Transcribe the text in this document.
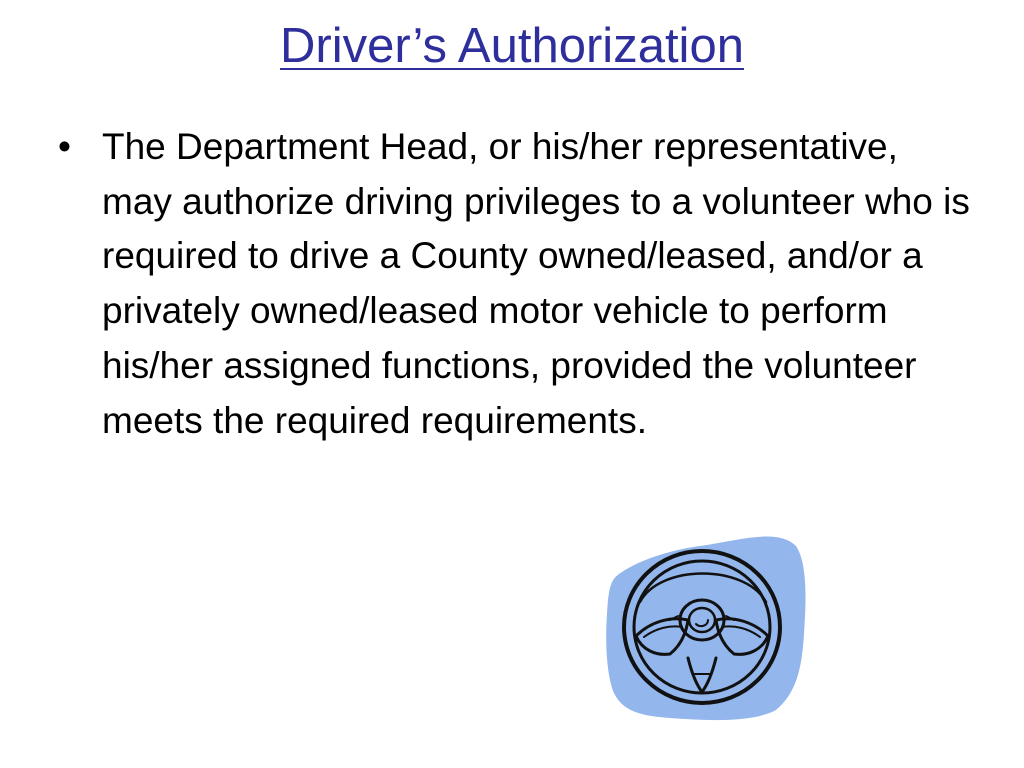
Driver’s Authorization
• The Department Head, or his/her representative, may authorize driving privileges to a volunteer who is required to drive a County owned/leased, and/or a privately owned/leased motor vehicle to perform his/her assigned functions, provided the volunteer meets the required requirements.
